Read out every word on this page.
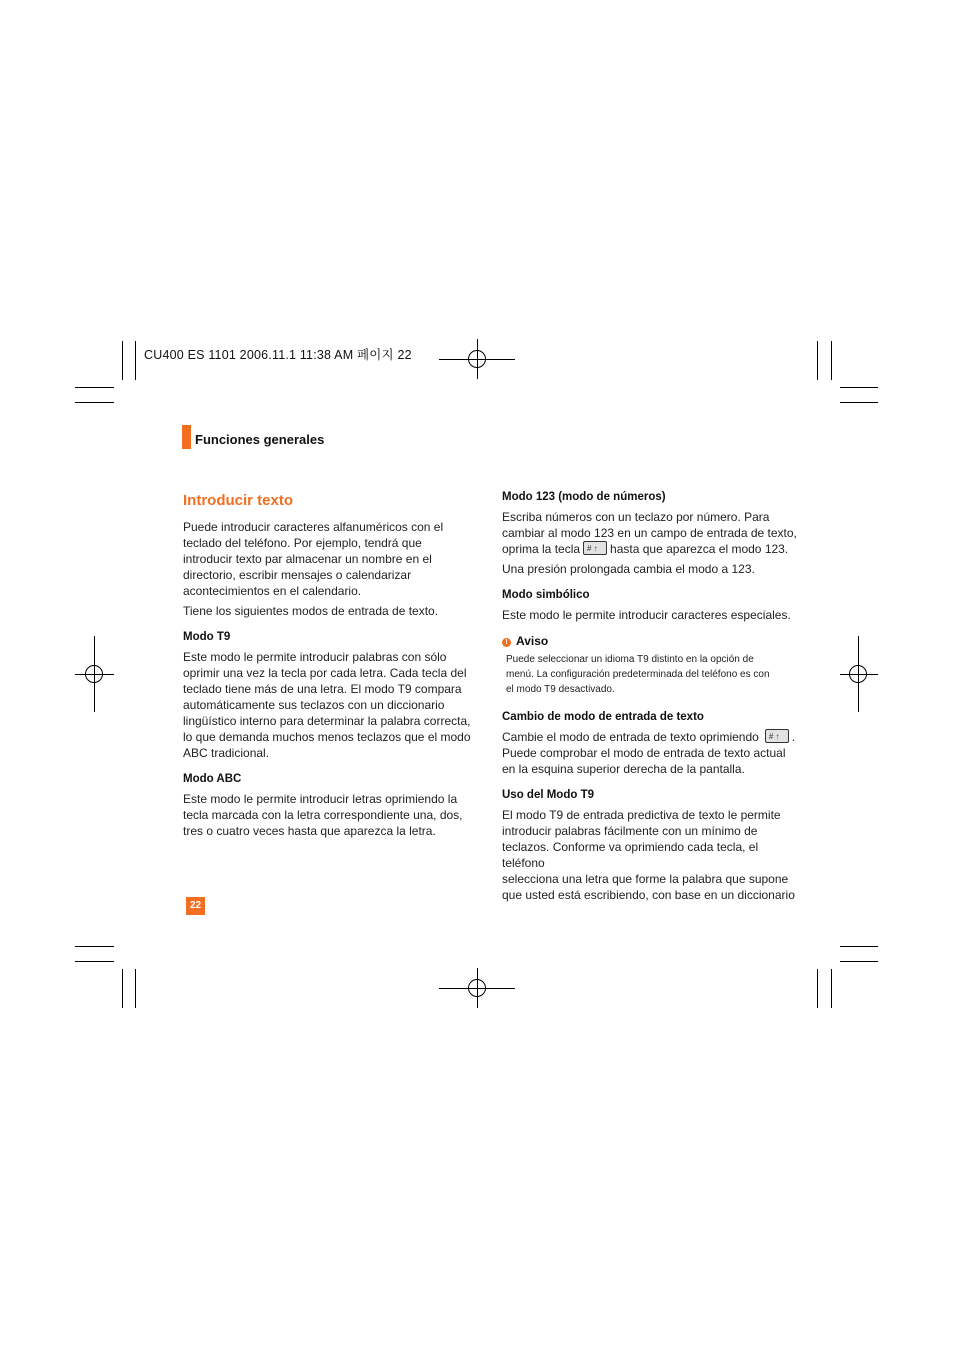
CU400 ES 1101 2006.11.1 11:38 AM 페이지 22
Funciones generales
Introducir texto

Puede introducir caracteres alfanuméricos con el

teclado del teléfono. Por ejemplo, tendrá que

introducir texto par almacenar un nombre en el

directorio, escribir mensajes o calendarizar

acontecimientos en el calendario.

Tiene los siguientes modos de entrada de texto.

Modo T9

Este modo le permite introducir palabras con sólo

oprimir una vez la tecla por cada letra. Cada tecla del

teclado tiene más de una letra. El modo T9 compara

automáticamente sus teclazos con un diccionario

lingüístico interno para determinar la palabra correcta,

lo que demanda muchos menos teclazos que el modo

ABC tradicional.

Modo ABC

Este modo le permite introducir letras oprimiendo la

tecla marcada con la letra correspondiente una, dos,

tres o cuatro veces hasta que aparezca la letra.

Modo 123 (modo de números)

Escriba números con un teclazo por número. Para

cambiar al modo 123 en un campo de entrada de texto,

oprima la tecla# ↑	hasta que aparezca el modo 123.

Una presión prolongada cambia el modo a 123.

Modo simbólico

Este modo le permite introducir caracteres especiales.

! Aviso

Puede seleccionar un idioma T9 distinto en la opción de

menú. La configuración predeterminada del teléfono es con

el modo T9 desactivado.

Cambio de modo de entrada de texto

Cambie el modo de entrada de texto oprimiendo# ↑	.

Puede comprobar el modo de entrada de texto actual

en la esquina superior derecha de la pantalla.

Uso del Modo T9

El modo T9 de entrada predictiva de texto le permite

introducir palabras fácilmente con un mínimo de

teclazos. Conforme va oprimiendo cada tecla, el teléfono

selecciona una letra que forme la palabra que supone

que usted está escribiendo, con base en un diccionario

22
